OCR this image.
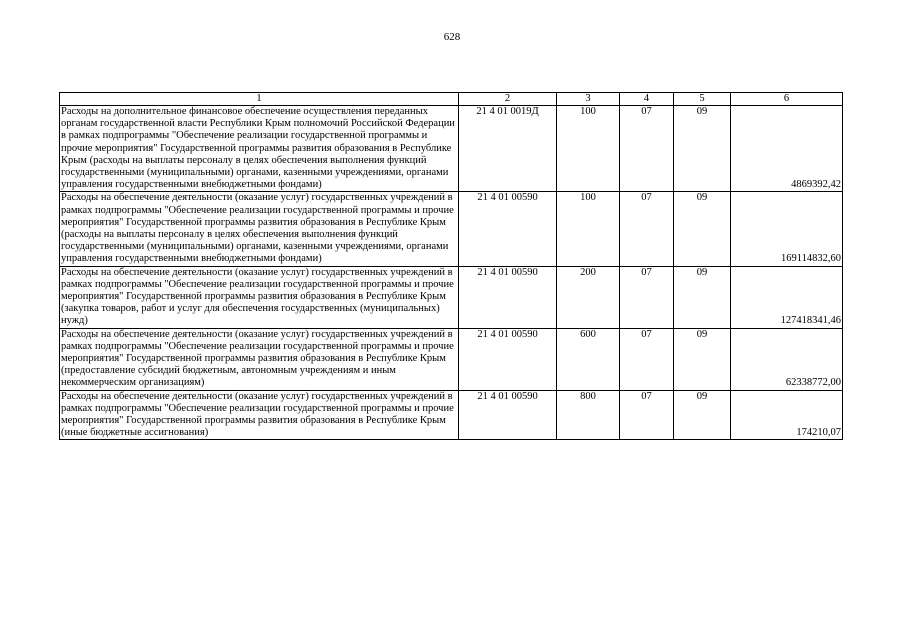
628
1	2	3	4	5	6
Расходы на дополнительное финансовое обеспечение осуществления переданных органам государственной власти Республики Крым полномочий Российской Федерации в рамках подпрограммы "Обеспечение реализации государственной программы и прочие мероприятия" Государственной программы развития образования в Республике Крым (расходы на выплаты персоналу в целях обеспечения выполнения функций государственными (муниципальными) органами, казенными учреждениями, органами управления государственными внебюджетными фондами)	21 4 01 0019Д	100	07	09	4869392,42
Расходы на обеспечение деятельности (оказание услуг) государственных учреждений в рамках подпрограммы "Обеспечение реализации государственной программы и прочие мероприятия" Государственной программы развития образования в Республике Крым (расходы на выплаты персоналу в целях обеспечения выполнения функций государственными (муниципальными) органами, казенными учреждениями, органами управления государственными внебюджетными фондами)	21 4 01 00590	100	07	09	169114832,60
Расходы на обеспечение деятельности (оказание услуг) государственных учреждений в рамках подпрограммы "Обеспечение реализации государственной программы и прочие мероприятия" Государственной программы развития образования в Республике Крым (закупка товаров, работ и услуг для обеспечения государственных (муниципальных) нужд)	21 4 01 00590	200	07	09	127418341,46
Расходы на обеспечение деятельности (оказание услуг) государственных учреждений в рамках подпрограммы "Обеспечение реализации государственной программы и прочие мероприятия" Государственной программы развития образования в Республике Крым (предоставление субсидий бюджетным, автономным учреждениям и иным некоммерческим организациям)	21 4 01 00590	600	07	09	62338772,00
Расходы на обеспечение деятельности (оказание услуг) государственных учреждений в рамках подпрограммы "Обеспечение реализации государственной программы и прочие мероприятия" Государственной программы развития образования в Республике Крым (иные бюджетные ассигнования)	21 4 01 00590	800	07	09	174210,07
